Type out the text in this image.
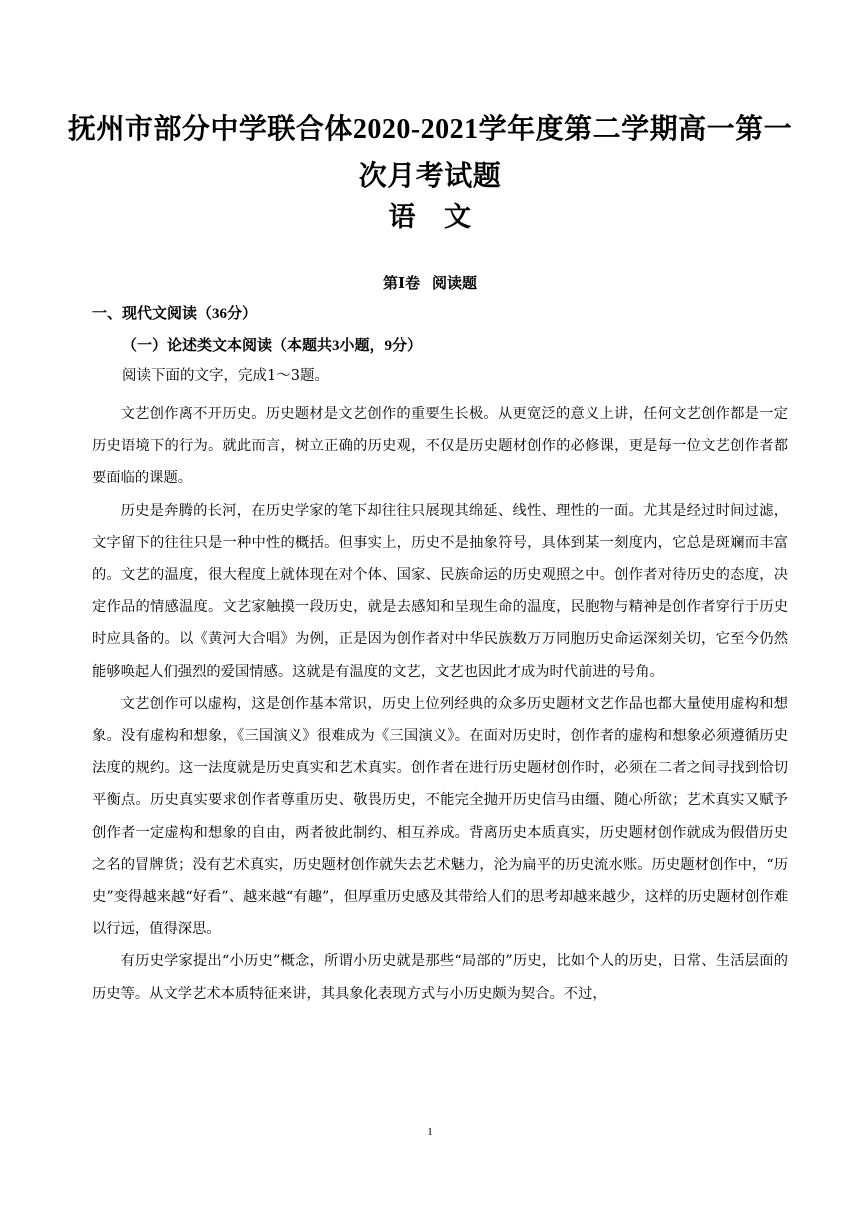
抚州市部分中学联合体2020-2021学年度第二学期高一第一
次月考试题
语 文
第Ⅰ卷 阅读题
一、现代文阅读（36分）
（一）论述类文本阅读（本题共3小题，9分）
阅读下面的文字，完成1～3题。

文艺创作离不开历史。历史题材是文艺创作的重要生长极。从更宽泛的意义上讲，任何文艺创作都是一定历史语境下的行为。就此而言，树立正确的历史观，不仅是历史题材创作的必修课，更是每一位文艺创作者都要面临的课题。

历史是奔腾的长河，在历史学家的笔下却往往只展现其绵延、线性、理性的一面。尤其是经过时间过滤，文字留下的往往只是一种中性的概括。但事实上，历史不是抽象符号，具体到某一刻度内，它总是斑斓而丰富的。文艺的温度，很大程度上就体现在对个体、国家、民族命运的历史观照之中。创作者对待历史的态度，决定作品的情感温度。文艺家触摸一段历史，就是去感知和呈现生命的温度，民胞物与精神是创作者穿行于历史时应具备的。以《黄河大合唱》为例，正是因为创作者对中华民族数万万同胞历史命运深刻关切，它至今仍然能够唤起人们强烈的爱国情感。这就是有温度的文艺，文艺也因此才成为时代前进的号角。

文艺创作可以虚构，这是创作基本常识，历史上位列经典的众多历史题材文艺作品也都大量使用虚构和想象。没有虚构和想象，《三国演义》很难成为《三国演义》。在面对历史时，创作者的虚构和想象必须遵循历史法度的规约。这一法度就是历史真实和艺术真实。创作者在进行历史题材创作时，必须在二者之间寻找到恰切平衡点。历史真实要求创作者尊重历史、敬畏历史，不能完全抛开历史信马由缰、随心所欲；艺术真实又赋予创作者一定虚构和想象的自由，两者彼此制约、相互养成。背离历史本质真实，历史题材创作就成为假借历史之名的冒牌货；没有艺术真实，历史题材创作就失去艺术魅力，沦为扁平的历史流水账。历史题材创作中，“历史”变得越来越“好看”、越来越“有趣”，但厚重历史感及其带给人们的思考却越来越少，这样的历史题材创作难以行远，值得深思。

有历史学家提出“小历史”概念，所谓小历史就是那些“局部的”历史，比如个人的历史，日常、生活层面的历史等。从文学艺术本质特征来讲，其具象化表现方式与小历史颇为契合。不过，

1
